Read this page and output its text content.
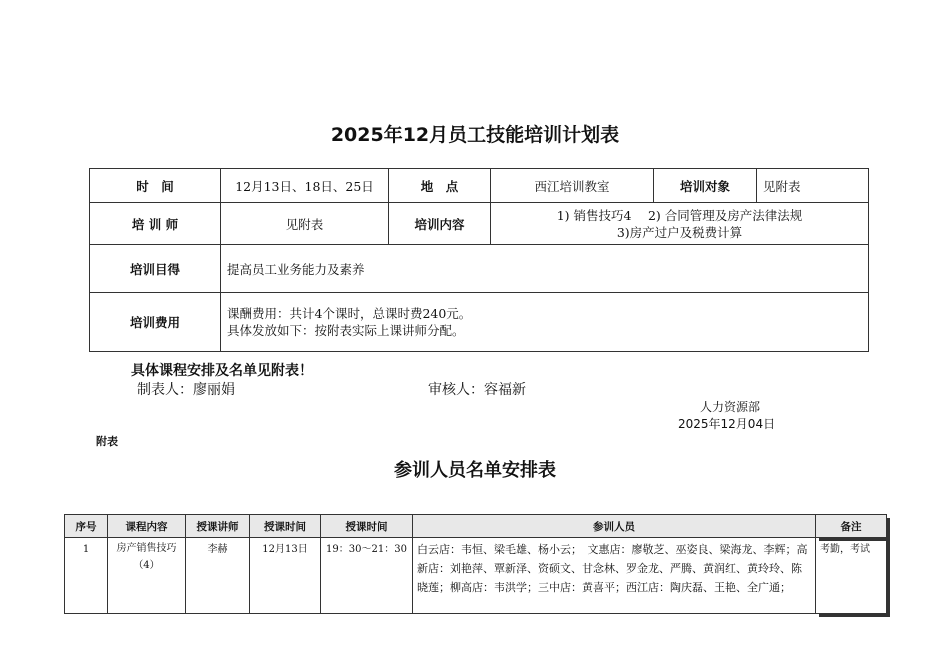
2025年12月员工技能培训计划表
时　间	12月13日、18日、25日	地　点	西江培训教室	培训对象	见附表
培 训 师	见附表	培训内容	1) 销售技巧4　 2) 合同管理及房产法律法规
3)房产过户及税费计算		

培训目得	提高员工业务能力及素养				
培训费用	课酬费用：共计4个课时，总课时费240元。
具体发放如下：按附表实际上课讲师分配。				
具体课程安排及名单见附表！
制表人：廖丽娟	审核人：容福新
人力资源部
2025年12月04日
附表
参训人员名单安排表
序号	课程内容	授课讲师	授课时间	授课时间	参训人员	备注
1	房产销售技巧（4）	李赫	12月13日	19：30～21：30	白云店：韦恒、梁毛雄、杨小云；　文惠店：廖敬芝、巫姿良、梁海龙、李辉；高新店：刘艳萍、覃新泽、资硕文、甘念林、罗金龙、严腾、黄润红、黄玲玲、陈晓莲；柳高店：韦洪学；三中店：黄喜平；西江店：陶庆磊、王艳、全广通；	考勤，考试
